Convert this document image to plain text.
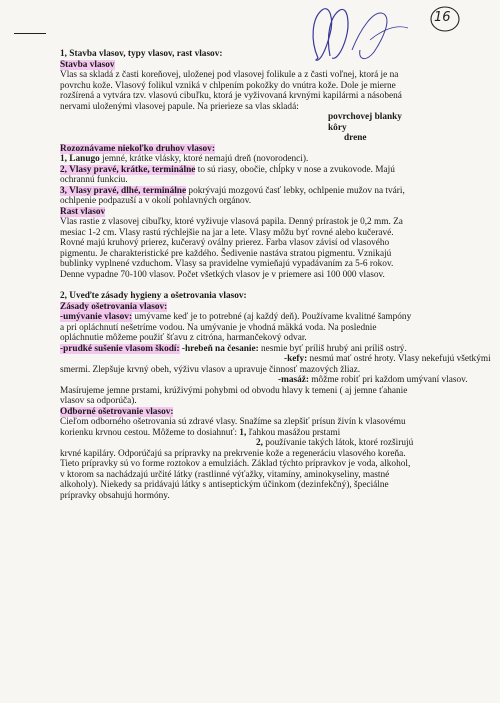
16
1, Stavba vlasov, typy vlasov, rast vlasov:
Stavba vlasov
Vlas sa skladá z časti koreňovej, uloženej pod vlasovej folikule a z časti voľnej, ktorá je na
povrchu kože. Vlasový folikul vzniká v chlpením pokožky do vnútra kože. Dole je mierne
rozšírená a vytvára tzv. vlasovú cibuľku, ktorá je vyživovaná krvnými kapilármi a násobená
nervami uloženými vlasovej papule. Na prierieze sa vlas skladá:
povrchovej blanky
kôry
drene
Rozoznávame niekoľko druhov vlasov:
1, Lanugo jemné, krátke vlásky, ktoré nemajú dreň (novorodenci).
2, Vlasy pravé, krátke, terminálne to sú riasy, obočie, chĺpky v nose a zvukovode. Majú
ochrannú funkciu.
3, Vlasy pravé, dlhé, terminálne pokrývajú mozgovú časť lebky, ochlpenie mužov na tvári,
ochlpenie podpazuší a v okolí pohlavných orgánov.
Rast vlasov
Vlas rastie z vlasovej cibuľky, ktoré vyživuje vlasová papila. Denný prírastok je 0,2 mm. Za
mesiac 1-2 cm. Vlasy rastú rýchlejšie na jar a lete. Vlasy môžu byť rovné alebo kučeravé.
Rovné majú kruhový prierez, kučeravý oválny prierez. Farba vlasov závisí od vlasového
pigmentu. Je charakteristické pre každého. Šedivenie nastáva stratou pigmentu. Vznikajú
bublinky vyplnené vzduchom. Vlasy sa pravidelne vymieňajú vypadávaním za 5-6 rokov.
Denne vypadne 70-100 vlasov. Počet všetkých vlasov je v priemere asi 100 000 vlasov.
2, Uveďte zásady hygieny a ošetrovania vlasov:
Zásady ošetrovania vlasov:
-umývanie vlasov: umývame keď je to potrebné (aj každý deň). Používame kvalitné šampóny
a pri opláchnutí nešetríme vodou. Na umývanie je vhodná mäkká voda. Na poslednie
opláchnutie môžeme použiť šťavu z citróna, harmančekový odvar.
-prudké sušenie vlasom škodí: -hrebeň na česanie: nesmie byť príliš hrubý ani príliš ostrý.
-kefy: nesmú mať ostré hroty. Vlasy nekefujú všetkými
smermi. Zlepšuje krvný obeh, výživu vlasov a upravuje činnosť mazových žliaz.
-masáž: môžme robiť pri každom umývaní vlasov.
Masírujeme jemne prstami, krúživými pohybmi od obvodu hlavy k temeni ( aj jemne ťahanie
vlasov sa odporúča).
Odborné ošetrovanie vlasov:
Cieľom odborného ošetrovania sú zdravé vlasy. Snažíme sa zlepšiť prísun živín k vlasovému
korienku krvnou cestou. Môžeme to dosiahnuť: 1, ľahkou masážou prstami
2, používanie takých látok, ktoré rozširujú
krvné kapiláry. Odporúčajú sa prípravky na prekrvenie kože a regeneráciu vlasového koreňa.
Tieto prípravky sú vo forme roztokov a emulziách. Základ týchto prípravkov je voda, alkohol,
v ktorom sa nachádzajú určité látky (rastlinné výťažky, vitamíny, aminokyseliny, mastné
alkoholy). Niekedy sa pridávajú látky s antiseptickým účinkom (dezinfekčný), špeciálne
prípravky obsahujú hormóny.
